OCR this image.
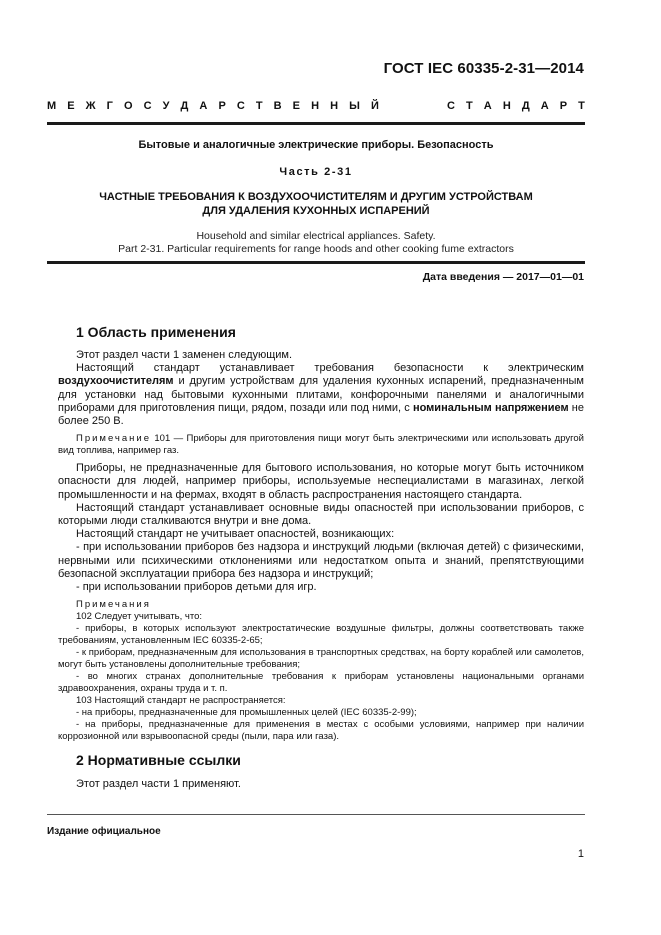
ГОСТ IEC 60335-2-31—2014
М Е Ж Г О С У Д А Р С Т В Е Н Н Ы Й	С Т А Н Д А Р Т
Бытовые и аналогичные электрические приборы. Безопасность
Часть 2-31
ЧАСТНЫЕ ТРЕБОВАНИЯ К ВОЗДУХООЧИСТИТЕЛЯМ И ДРУГИМ УСТРОЙСТВАМ
ДЛЯ УДАЛЕНИЯ КУХОННЫХ ИСПАРЕНИЙ
Household and similar electrical appliances. Safety.
Part 2-31. Particular requirements for range hoods and other cooking fume extractors
Дата введения — 2017—01—01
1 Область применения

Этот раздел части 1 заменен следующим.

Настоящий стандарт устанавливает требования безопасности к электрическим воздухоочистителям и другим устройствам для удаления кухонных испарений, предназначенным для установки над бытовыми кухонными плитами, конфорочными панелями и аналогичными приборами для приготовления пищи, рядом, позади или под ними, с номинальным напряжением не более 250 В.

Примечание 101 — Приборы для приготовления пищи могут быть электрическими или использовать другой вид топлива, например газ.

Приборы, не предназначенные для бытового использования, но которые могут быть источником опасности для людей, например приборы, используемые неспециалистами в магазинах, легкой промышленности и на фермах, входят в область распространения настоящего стандарта.

Настоящий стандарт устанавливает основные виды опасностей при использовании приборов, с которыми люди сталкиваются внутри и вне дома.

Настоящий стандарт не учитывает опасностей, возникающих:

- при использовании приборов без надзора и инструкций людьми (включая детей) с физическими, нервными или психическими отклонениями или недостатком опыта и знаний, препятствующими безопасной эксплуатации прибора без надзора и инструкций;

- при использовании приборов детьми для игр.

Примечания

102 Следует учитывать, что:

- приборы, в которых используют электростатические воздушные фильтры, должны соответствовать также требованиям, установленным IEC 60335-2-65;

- к приборам, предназначенным для использования в транспортных средствах, на борту кораблей или самолетов, могут быть установлены дополнительные требования;

- во многих странах дополнительные требования к приборам установлены национальными органами здравоохранения, охраны труда и т. п.

103 Настоящий стандарт не распространяется:

- на приборы, предназначенные для промышленных целей (IEC 60335-2-99);

- на приборы, предназначенные для применения в местах с особыми условиями, например при наличии коррозионной или взрывоопасной среды (пыли, пара или газа).

2 Нормативные ссылки

Этот раздел части 1 применяют.

Издание официальное
1
